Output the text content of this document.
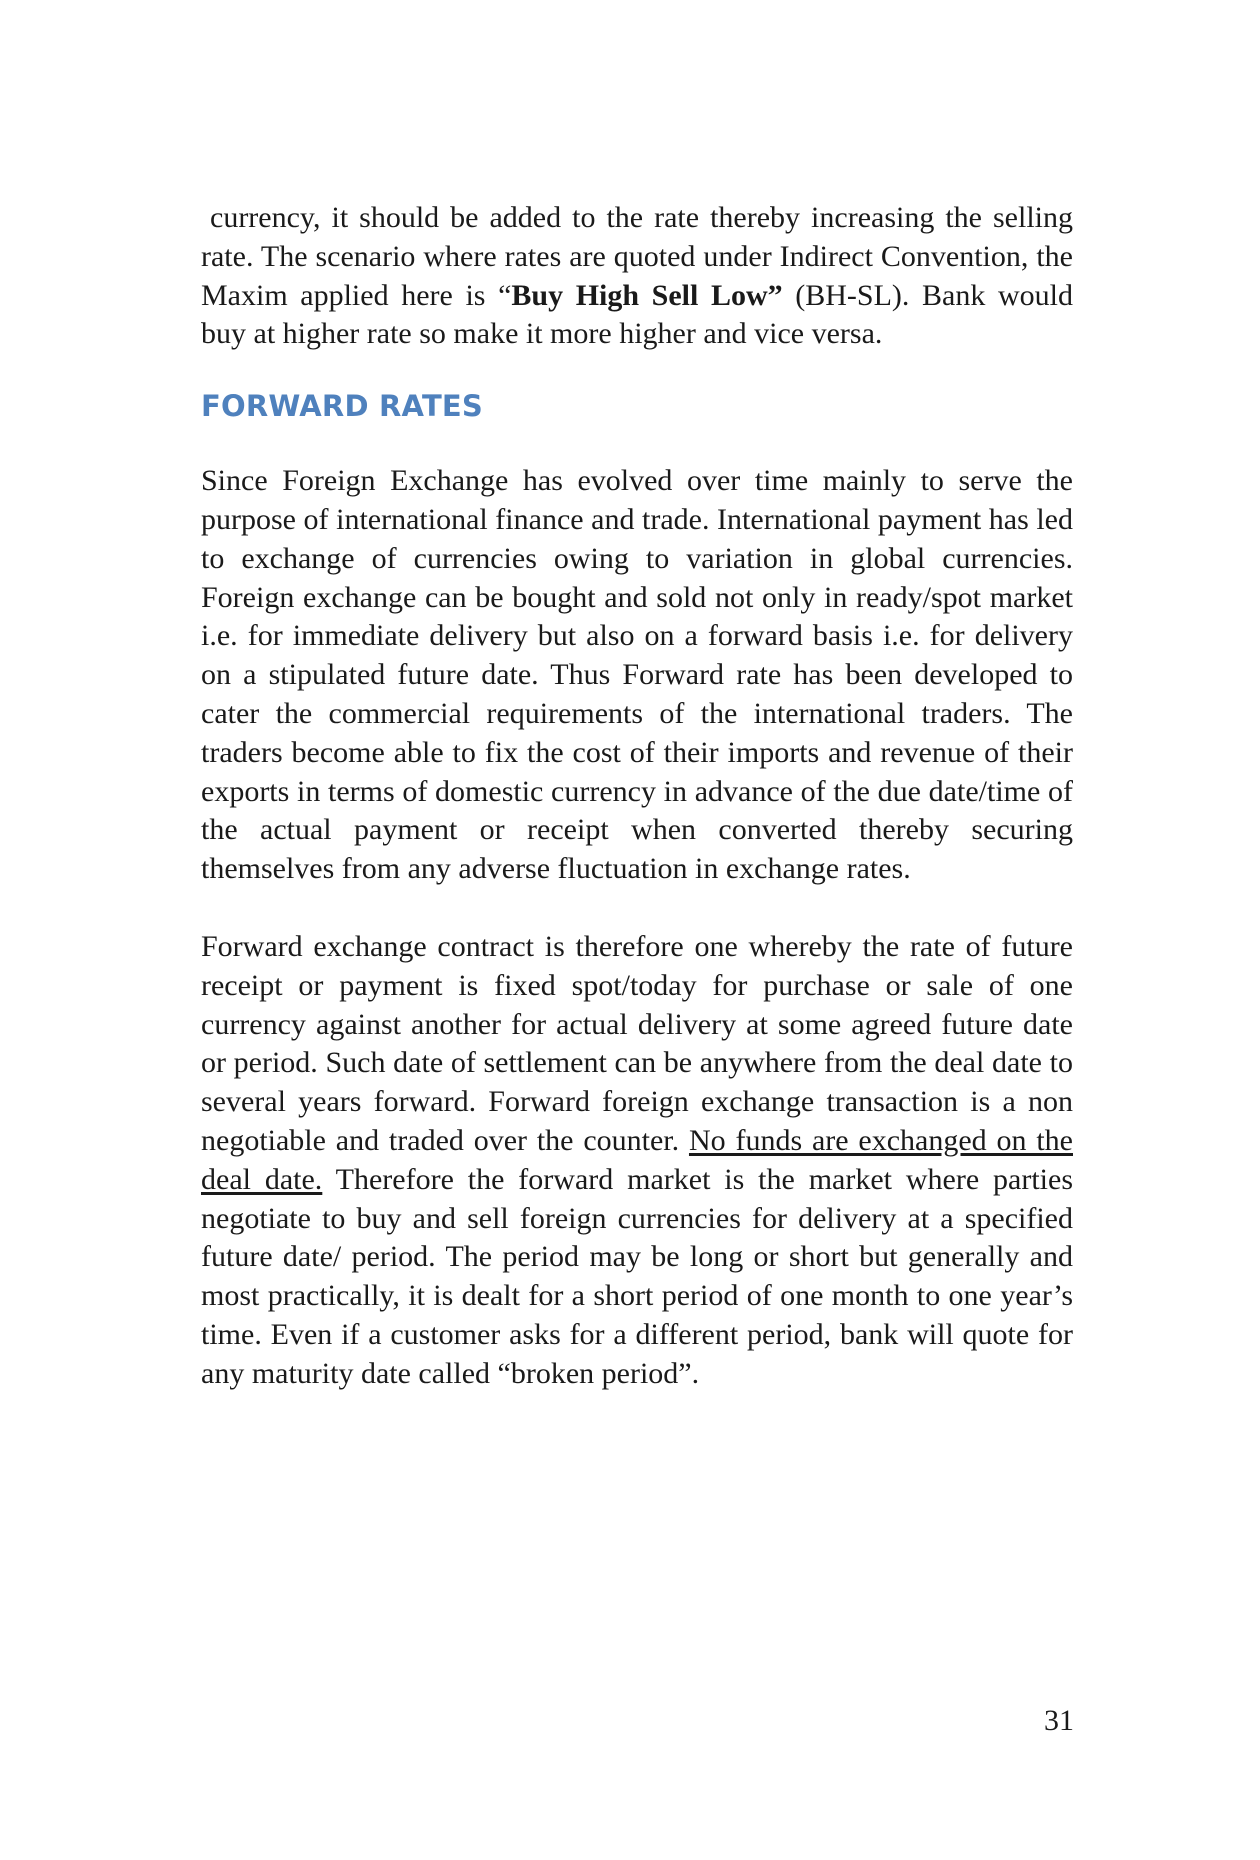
currency, it should be added to the rate thereby increasing the selling rate. The scenario where rates are quoted under Indirect Convention, the Maxim applied here is “Buy High Sell Low” (BH-SL). Bank would buy at higher rate so make it more higher and vice versa.

FORWARD RATES

Since Foreign Exchange has evolved over time mainly to serve the purpose of international finance and trade. International payment has led to exchange of currencies owing to variation in global currencies. Foreign exchange can be bought and sold not only in ready/spot market i.e. for immediate delivery but also on a forward basis i.e. for delivery on a stipulated future date. Thus Forward rate has been developed to cater the commercial requirements of the international traders. The traders become able to fix the cost of their imports and revenue of their exports in terms of domestic currency in advance of the due date/time of the actual payment or receipt when converted thereby securing themselves from any adverse fluctuation in exchange rates.

Forward exchange contract is therefore one whereby the rate of future receipt or payment is fixed spot/today for purchase or sale of one currency against another for actual delivery at some agreed future date or period. Such date of settlement can be anywhere from the deal date to several years forward. Forward foreign exchange transaction is a non negotiable and traded over the counter. No funds are exchanged on the deal date. Therefore the forward market is the market where parties negotiate to buy and sell foreign currencies for delivery at a specified future date/ period. The period may be long or short but generally and most practically, it is dealt for a short period of one month to one year’s time. Even if a customer asks for a different period, bank will quote for any maturity date called “broken period”.

31
